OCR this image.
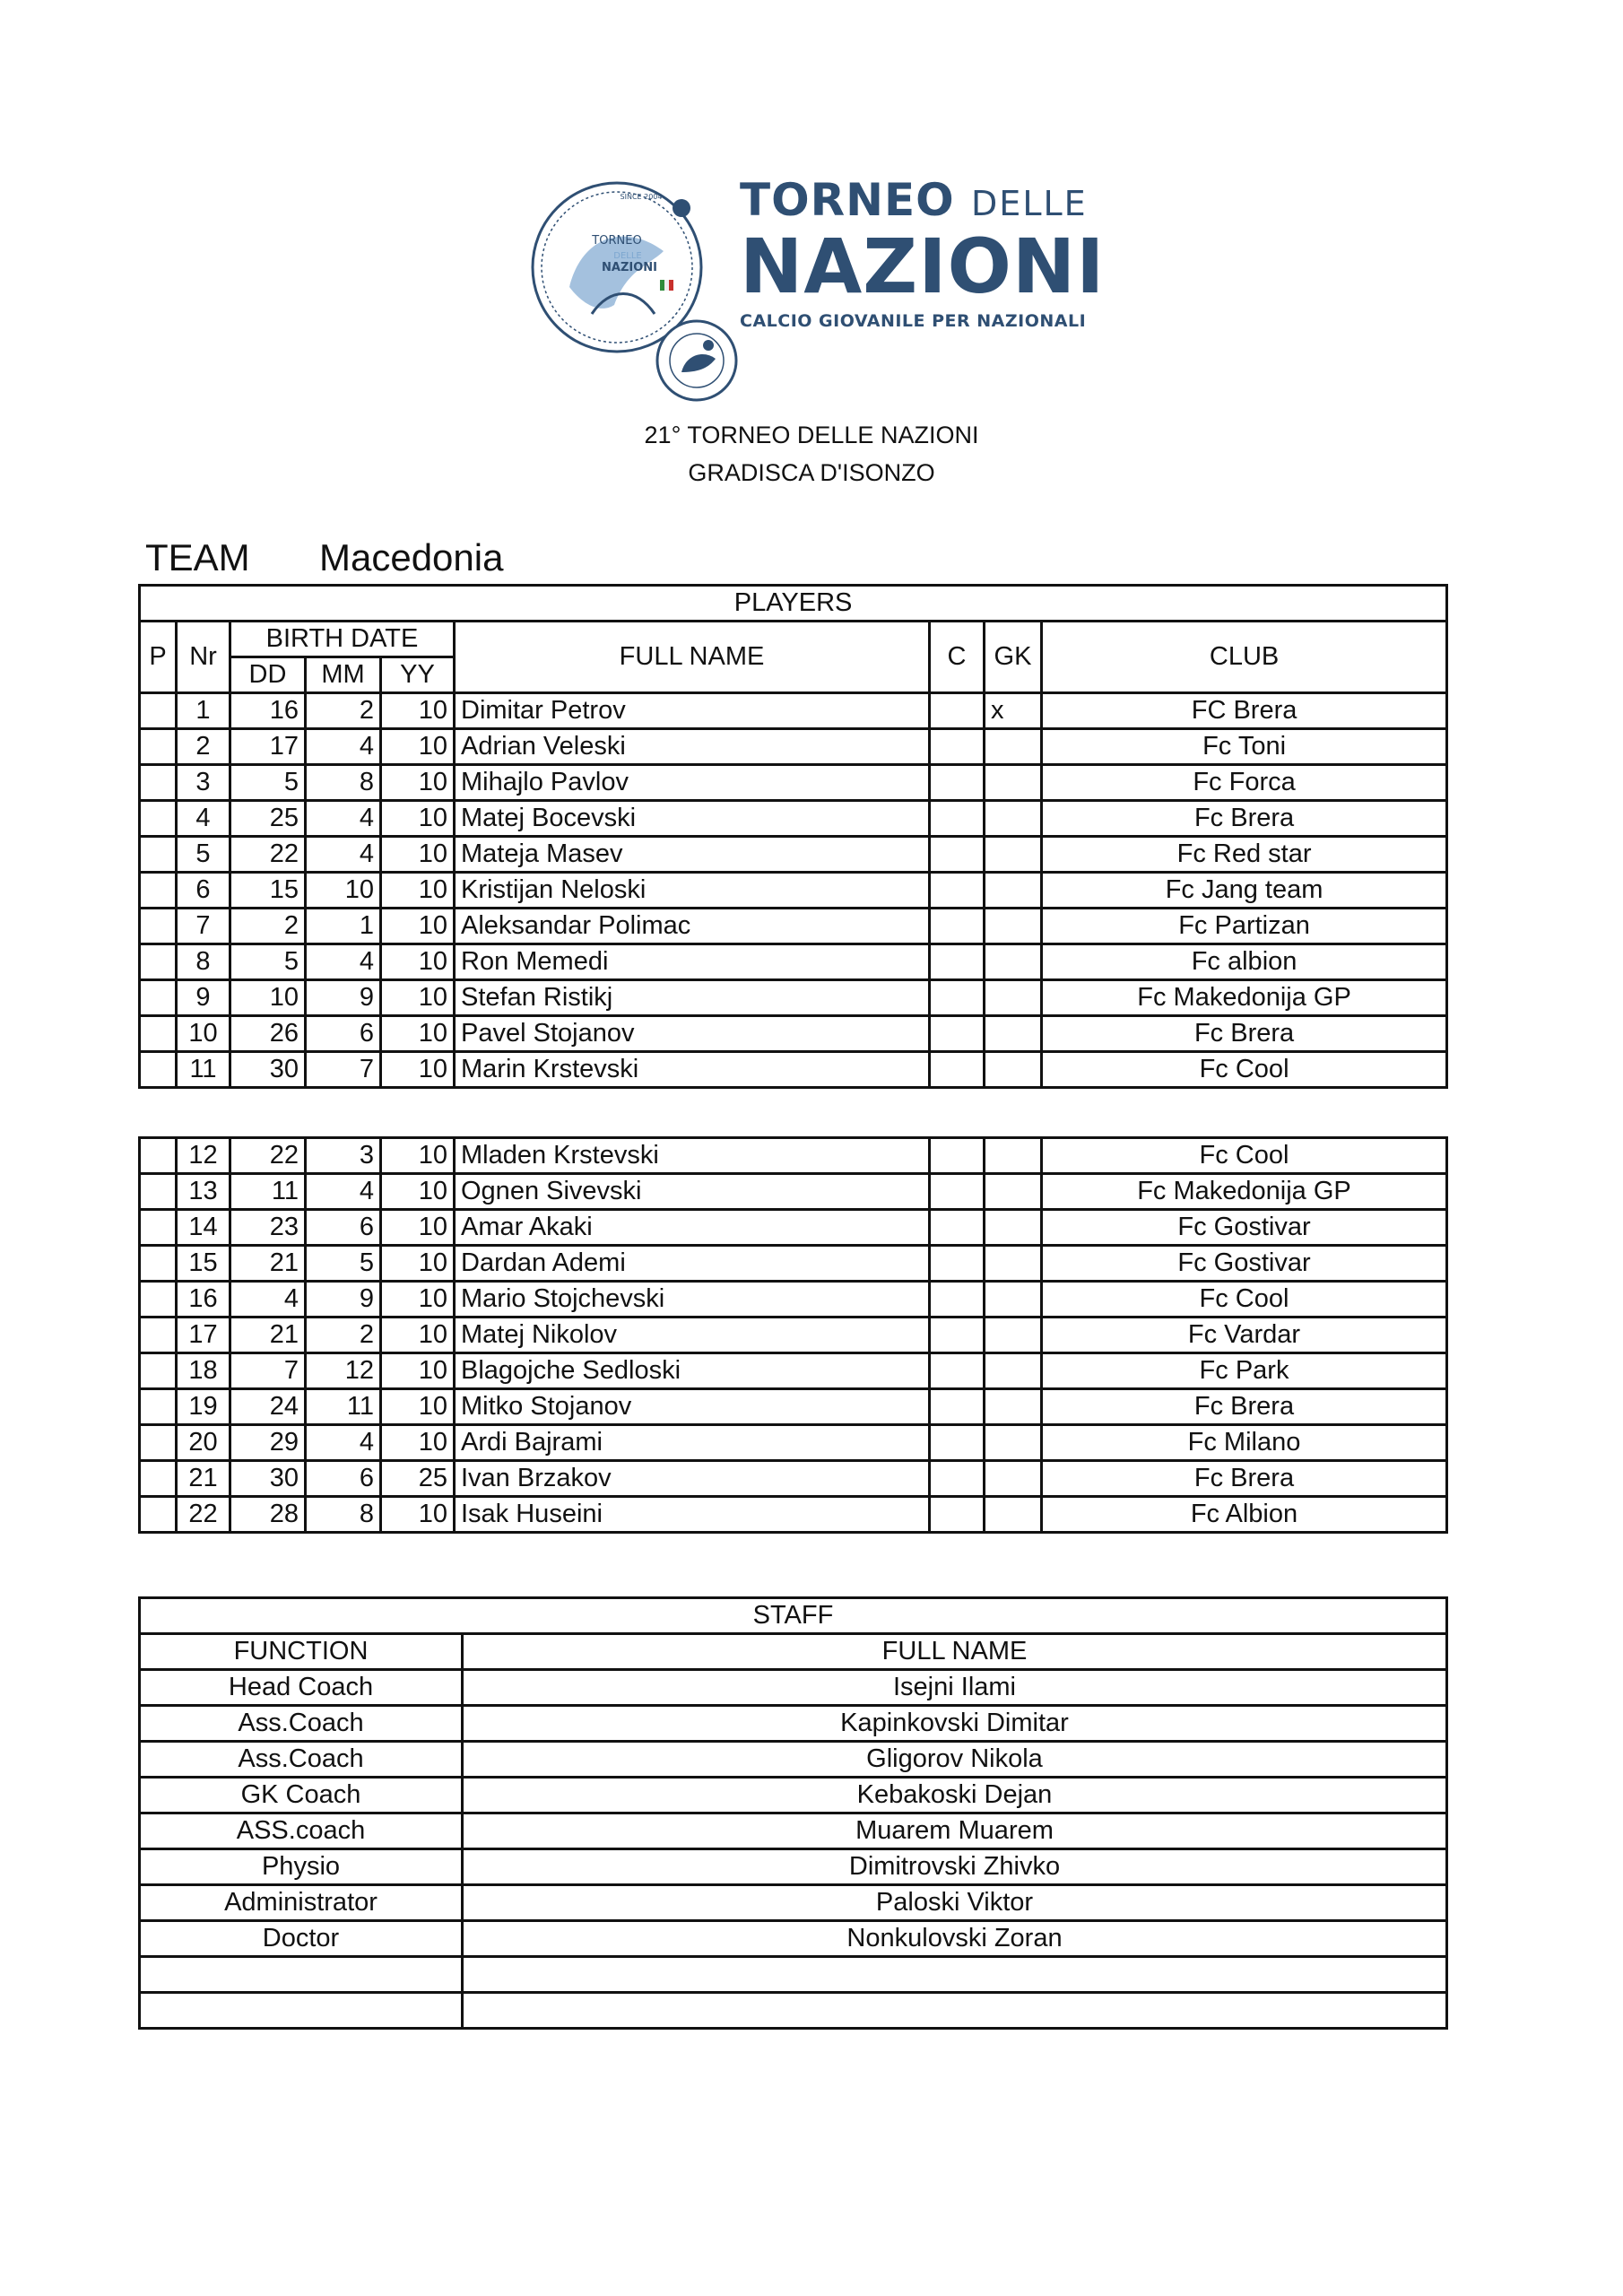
TORNEO
DELLE
NAZIONI
SINCE 2004 TORNEO DELLE
NAZIONI
CALCIO GIOVANILE PER NAZIONALI
21° TORNEO DELLE NAZIONI
GRADISCA D'ISONZO
TEAM Macedonia
PLAYERS								
P	Nr	BIRTH DATE			FULL NAME	C	GK	CLUB
		DD	MM	YY				
	1	16	2	10	Dimitar Petrov		x	FC Brera
	2	17	4	10	Adrian Veleski			Fc Toni
	3	5	8	10	Mihajlo Pavlov			Fc Forca
	4	25	4	10	Matej Bocevski			Fc Brera
	5	22	4	10	Mateja Masev			Fc Red star
	6	15	10	10	Kristijan Neloski			Fc Jang team
	7	2	1	10	Aleksandar Polimac			Fc Partizan
	8	5	4	10	Ron Memedi			Fc albion
	9	10	9	10	Stefan Ristikj			Fc Makedonija GP
	10	26	6	10	Pavel Stojanov			Fc Brera
	11	30	7	10	Marin Krstevski			Fc Cool
	12	22	3	10	Mladen Krstevski			Fc Cool
	13	11	4	10	Ognen Sivevski			Fc Makedonija GP
	14	23	6	10	Amar Akaki			Fc Gostivar
	15	21	5	10	Dardan Ademi			Fc Gostivar
	16	4	9	10	Mario Stojchevski			Fc Cool
	17	21	2	10	Matej Nikolov			Fc Vardar
	18	7	12	10	Blagojche Sedloski			Fc Park
	19	24	11	10	Mitko Stojanov			Fc Brera
	20	29	4	10	Ardi Bajrami			Fc Milano
	21	30	6	25	Ivan Brzakov			Fc Brera
	22	28	8	10	Isak Huseini			Fc Albion
STAFF	
FUNCTION	FULL NAME
Head Coach	Isejni Ilami
Ass.Coach	Kapinkovski Dimitar
Ass.Coach	Gligorov Nikola
GK Coach	Kebakoski Dejan
ASS.coach	Muarem Muarem
Physio	Dimitrovski Zhivko
Administrator	Paloski Viktor
Doctor	Nonkulovski Zoran
